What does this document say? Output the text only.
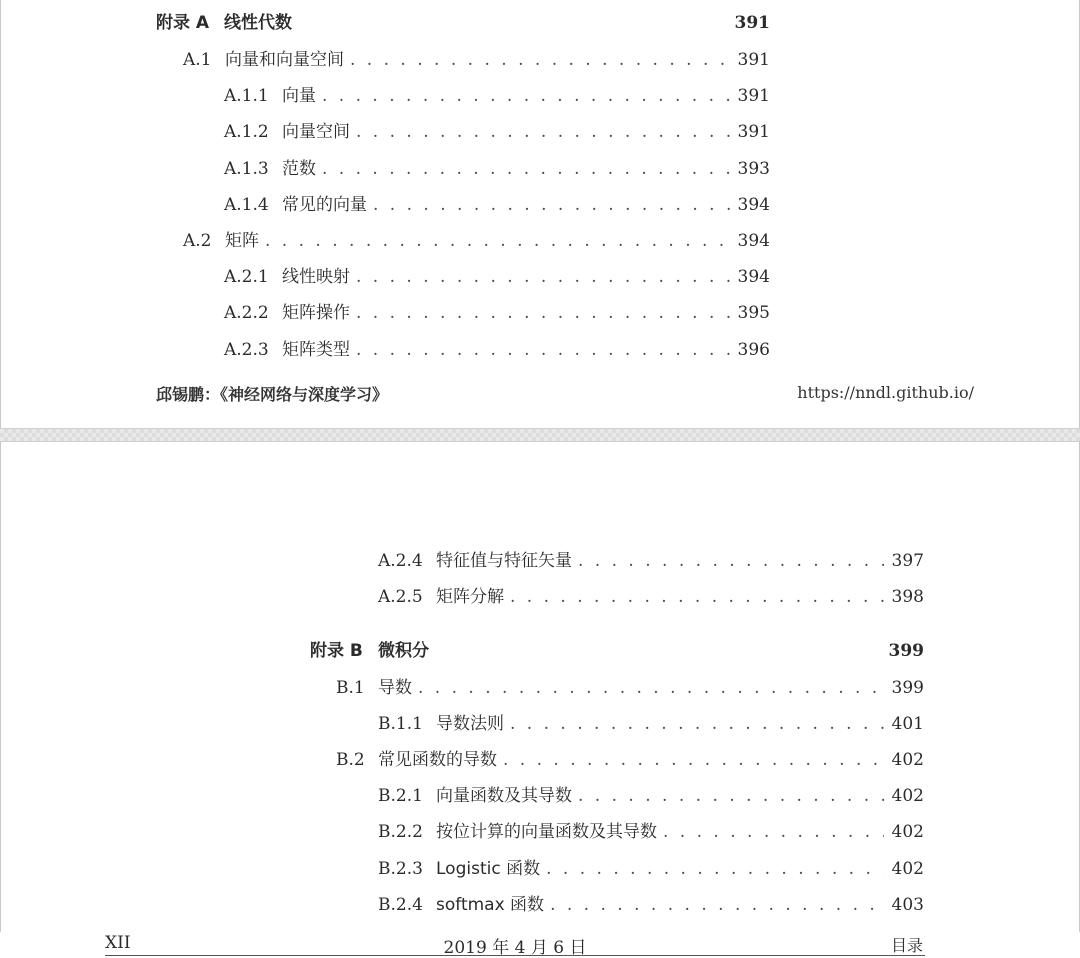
附录 A 线性代数	391
A.1 向量和向量空间 . . .	391
A.1.1 向量 . . .	391
A.1.2 向量空间 . . .	391
A.1.3 范数 . . .	393
A.1.4 常见的向量 . . .	394
A.2 矩阵 . . .	394
A.2.1 线性映射 . . .	394
A.2.2 矩阵操作 . . .	395
A.2.3 矩阵类型 . . .	396
邱锡鹏：《神经网络与深度学习》	https://nndl.github.io/
XII	2019 年 4 月 6 日	目录
A.2.4 特征值与特征矢量 . . .	397
A.2.5 矩阵分解 . . .	398
附录 B 微积分	399
B.1 导数 . . .	399
B.1.1 导数法则 . . .	401
B.2 常见函数的导数 . . .	402
B.2.1 向量函数及其导数 . . .	402
B.2.2 按位计算的向量函数及其导数 . . .	402
B.2.3 Logistic 函数 . . .	402
B.2.4 softmax 函数 . . .	403
